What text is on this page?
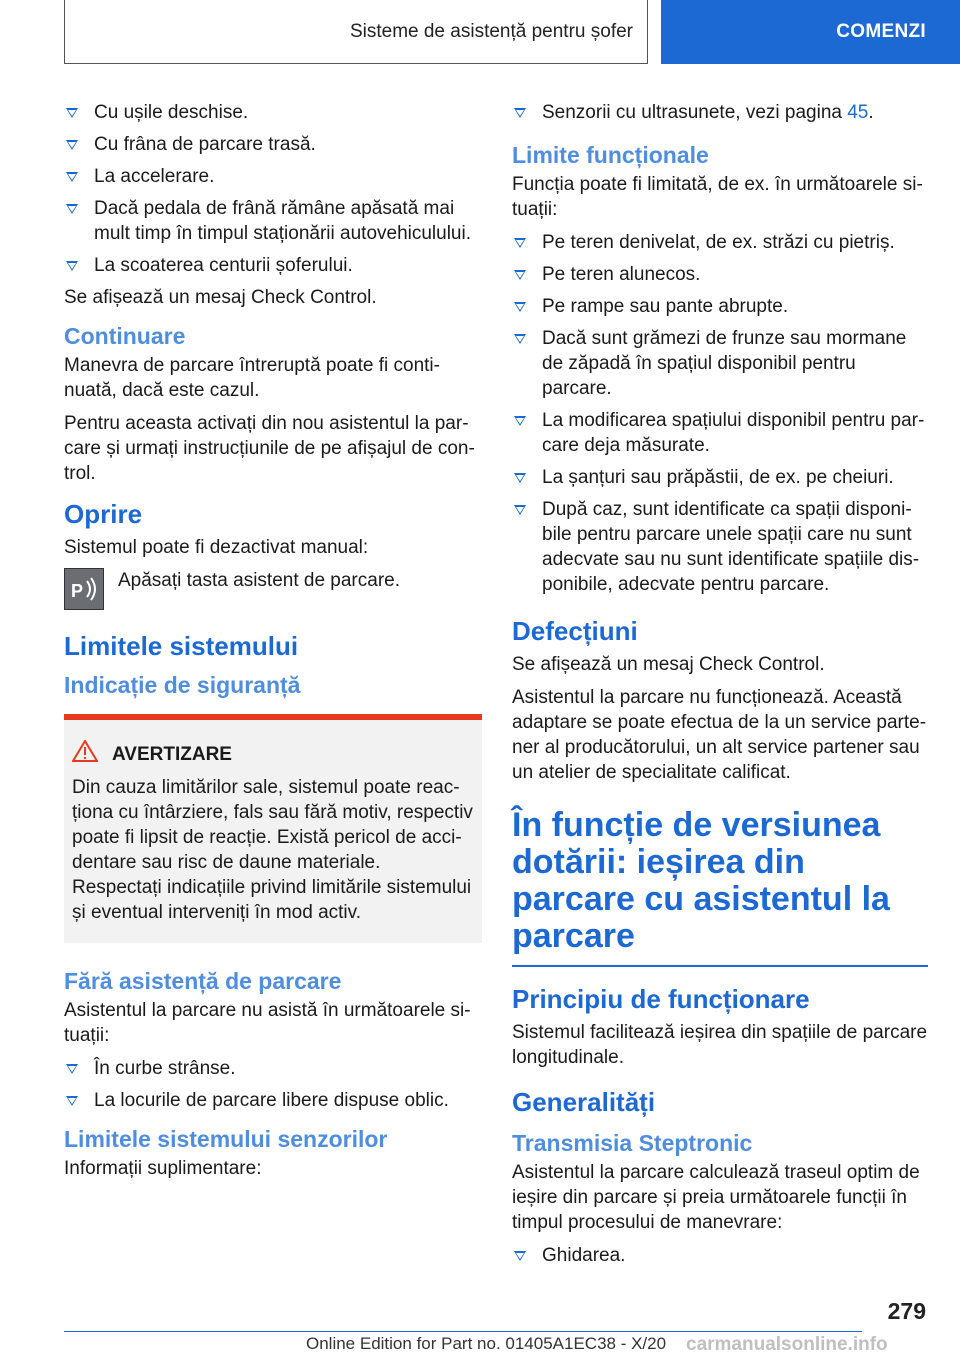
Sisteme de asistență pentru șofer	COMENZI
Cu ușile deschise.
Cu frâna de parcare trasă.
La accelerare.
Dacă pedala de frână rămâne apăsată mai mult timp în timpul staționării autovehiculului.
La scoaterea centurii șoferului.

Se afișează un mesaj Check Control.

Continuare

Manevra de parcare întreruptă poate fi continuată, dacă este cazul.

Pentru aceasta activați din nou asistentul la parcare și urmați instrucțiunile de pe afișajul de control.

Oprire

Sistemul poate fi dezactivat manual:

P Apăsați tasta asistent de parcare.
Limitele sistemului
Indicație de siguranță
AVERTIZARE
Din cauza limitărilor sale, sistemul poate reacționa cu întârziere, fals sau fără motiv, respectiv poate fi lipsit de reacție. Există pericol de accidentare sau risc de daune materiale. Respectați indicațiile privind limitările sistemului și eventual interveniți în mod activ.
Fără asistență de parcare

Asistentul la parcare nu asistă în următoarele situații:

În curbe strânse.
La locurile de parcare libere dispuse oblic.
Limitele sistemului senzorilor

Informații suplimentare:

Senzorii cu ultrasunete, vezi pagina 45.
Limite funcționale

Funcția poate fi limitată, de ex. în următoarele situații:

Pe teren denivelat, de ex. străzi cu pietriș.
Pe teren alunecos.
Pe rampe sau pante abrupte.
Dacă sunt grămezi de frunze sau mormane de zăpadă în spațiul disponibil pentru parcare.
La modificarea spațiului disponibil pentru parcare deja măsurate.
La șanțuri sau prăpăstii, de ex. pe cheiuri.
După caz, sunt identificate ca spații disponibile pentru parcare unele spații care nu sunt adecvate sau nu sunt identificate spațiile disponibile, adecvate pentru parcare.
Defecțiuni

Se afișează un mesaj Check Control.

Asistentul la parcare nu funcționează. Această adaptare se poate efectua de la un service partener al producătorului, un alt service partener sau un atelier de specialitate calificat.

În funcție de versiunea dotării: ieșirea din parcare cu asistentul la parcare
Principiu de funcționare

Sistemul facilitează ieșirea din spațiile de parcare longitudinale.

Generalități
Transmisia Steptronic

Asistentul la parcare calculează traseul optim de ieșire din parcare și preia următoarele funcții în timpul procesului de manevrare:

Ghidarea.
279
Online Edition for Part no. 01405A1EC38 - X/20 carmanualsonline.info
